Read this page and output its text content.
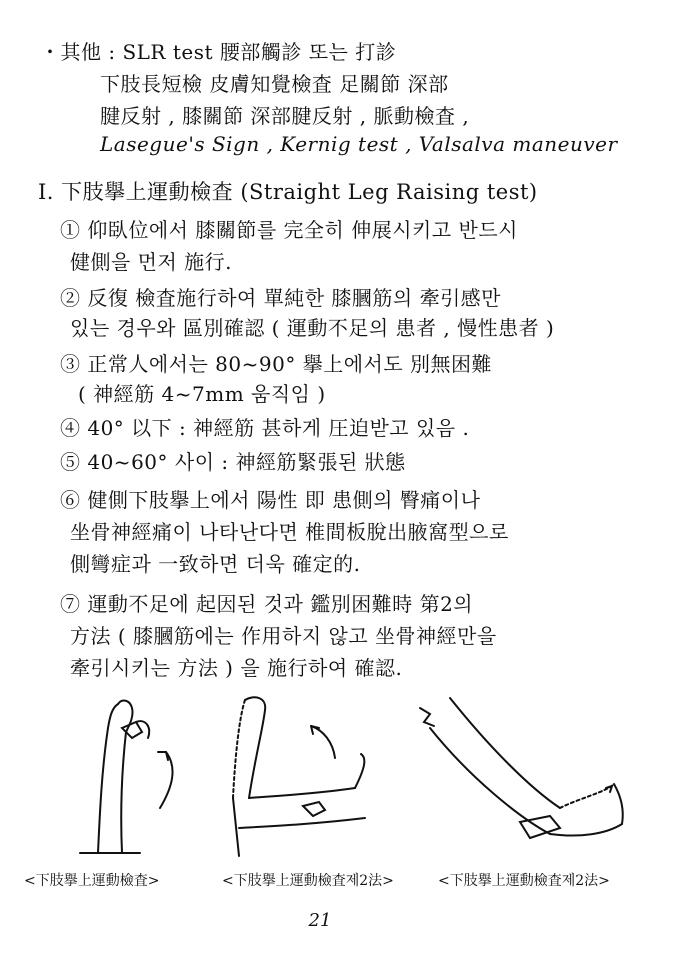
・其他 : SLR test 腰部觸診 또는 打診
下肢長短檢 皮膚知覺檢査 足關節 深部
腱反射 , 膝關節 深部腱反射 , 脈動檢査 ,
Lasegue's Sign , Kernig test , Valsalva maneuver
I. 下肢擧上運動檢査 (Straight Leg Raising test)
① 仰臥位에서 膝關節를 完全히 伸展시키고 반드시
健側을 먼저 施行.
② 反復 檢査施行하여 單純한 膝膕筋의 牽引感만
있는 경우와 區別確認 ( 運動不足의 患者 , 慢性患者 )
③ 正常人에서는 80~90° 擧上에서도 別無困難
( 神經筋 4~7mm 움직임 )
④ 40° 以下 : 神經筋 甚하게 圧迫받고 있음 .
⑤ 40~60° 사이 : 神經筋緊張된 狀態
⑥ 健側下肢擧上에서 陽性 即 患側의 臀痛이나
坐骨神經痛이 나타난다면 椎間板脫出腋窩型으로
側彎症과 一致하면 더욱 確定的.
⑦ 運動不足에 起因된 것과 鑑別困難時 第2의
方法 ( 膝膕筋에는 作用하지 않고 坐骨神經만을
牽引시키는 方法 ) 을 施行하여 確認.
<下肢擧上運動檢査>	<下肢擧上運動檢査제2法>	<下肢擧上運動檢査제2法>
21
